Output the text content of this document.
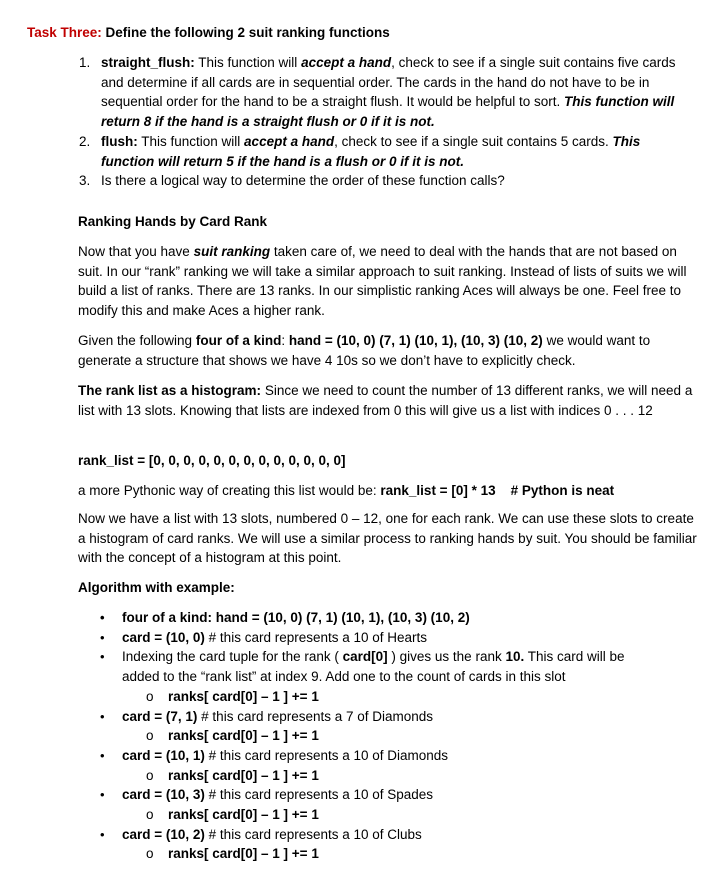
Task Three: Define the following 2 suit ranking functions
1. straight_flush: This function will accept a hand, check to see if a single suit contains five cards and determine if all cards are in sequential order. The cards in the hand do not have to be in sequential order for the hand to be a straight flush. It would be helpful to sort. This function will return 8 if the hand is a straight flush or 0 if it is not.
2. flush: This function will accept a hand, check to see if a single suit contains 5 cards. This function will return 5 if the hand is a flush or 0 if it is not.
3. Is there a logical way to determine the order of these function calls?
Ranking Hands by Card Rank

Now that you have suit ranking taken care of, we need to deal with the hands that are not based on suit. In our “rank” ranking we will take a similar approach to suit ranking. Instead of lists of suits we will build a list of ranks. There are 13 ranks. In our simplistic ranking Aces will always be one. Feel free to modify this and make Aces a higher rank.

Given the following four of a kind: hand = (10, 0) (7, 1) (10, 1), (10, 3) (10, 2) we would want to generate a structure that shows we have 4 10s so we don’t have to explicitly check.

The rank list as a histogram: Since we need to count the number of 13 different ranks, we will need a list with 13 slots. Knowing that lists are indexed from 0 this will give us a list with indices 0 . . . 12

rank_list = [0, 0, 0, 0, 0, 0, 0, 0, 0, 0, 0, 0, 0]

a more Pythonic way of creating this list would be: rank_list = [0] * 13    # Python is neat

Now we have a list with 13 slots, numbered 0 – 12, one for each rank. We can use these slots to create a histogram of card ranks. We will use a similar process to ranking hands by suit. You should be familiar with the concept of a histogram at this point.

Algorithm with example:
• four of a kind: hand = (10, 0) (7, 1) (10, 1), (10, 3) (10, 2)
• card = (10, 0) # this card represents a 10 of Hearts
• Indexing the card tuple for the rank ( card[0] ) gives us the rank 10. This card will be added to the “rank list” at index 9. Add one to the count of cards in this slot
o ranks[ card[0] – 1 ] += 1
• card = (7, 1) # this card represents a 7 of Diamonds
o ranks[ card[0] – 1 ] += 1
• card = (10, 1) # this card represents a 10 of Diamonds
o ranks[ card[0] – 1 ] += 1
• card = (10, 3) # this card represents a 10 of Spades
o ranks[ card[0] – 1 ] += 1
• card = (10, 2) # this card represents a 10 of Clubs
o ranks[ card[0] – 1 ] += 1
